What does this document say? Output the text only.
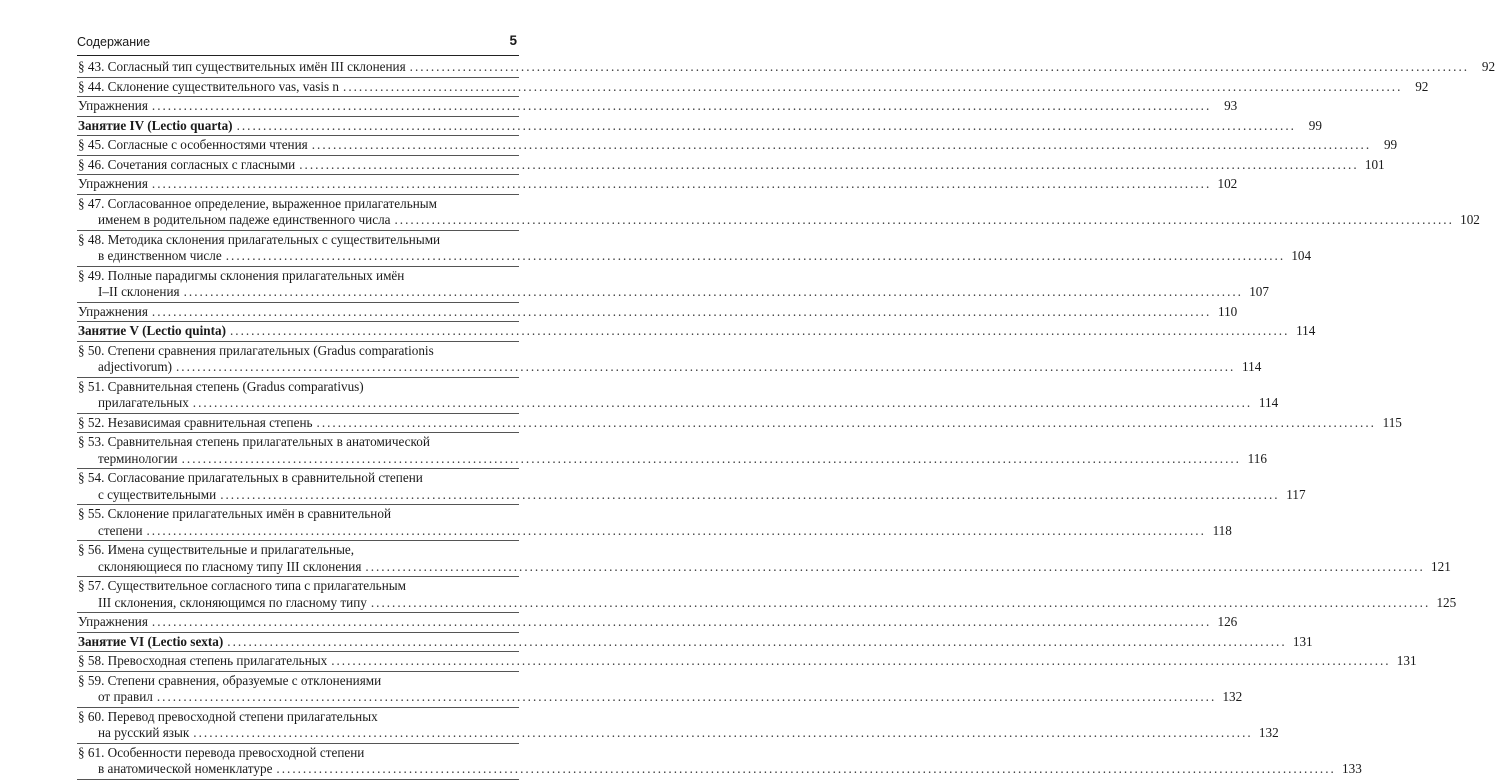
Содержание	5
§ 43. Согласный тип существительных имён III склонения ........................................................................................................................................................................................................ 92
§ 44. Склонение существительного vas, vasis n ........................................................................................................................................................................................................ 92
Упражнения ........................................................................................................................................................................................................ 93
Занятие IV (Lectio quarta) ........................................................................................................................................................................................................ 99
§ 45. Согласные с особенностями чтения ........................................................................................................................................................................................................ 99
§ 46. Сочетания согласных с гласными ........................................................................................................................................................................................................ 101
Упражнения ........................................................................................................................................................................................................ 102
§ 47. Согласованное определение, выраженное прилагательным
именем в родительном падеже единственного числа ........................................................................................................................................................................................................ 102
§ 48. Методика склонения прилагательных с существительными
в единственном числе ........................................................................................................................................................................................................ 104
§ 49. Полные парадигмы склонения прилагательных имён
I–II склонения ........................................................................................................................................................................................................ 107
Упражнения ........................................................................................................................................................................................................ 110
Занятие V (Lectio quinta) ........................................................................................................................................................................................................ 114
§ 50. Степени сравнения прилагательных (Gradus comparationis
adjectivorum) ........................................................................................................................................................................................................ 114
§ 51. Сравнительная степень (Gradus comparativus)
прилагательных ........................................................................................................................................................................................................ 114
§ 52. Независимая сравнительная степень ........................................................................................................................................................................................................ 115
§ 53. Сравнительная степень прилагательных в анатомической
терминологии ........................................................................................................................................................................................................ 116
§ 54. Согласование прилагательных в сравнительной степени
с существительными ........................................................................................................................................................................................................ 117
§ 55. Склонение прилагательных имён в сравнительной
степени ........................................................................................................................................................................................................ 118
§ 56. Имена существительные и прилагательные,
склоняющиеся по гласному типу III склонения ........................................................................................................................................................................................................ 121
§ 57. Существительное согласного типа с прилагательным
III склонения, склоняющимся по гласному типу ........................................................................................................................................................................................................ 125
Упражнения ........................................................................................................................................................................................................ 126
Занятие VI (Lectio sexta) ........................................................................................................................................................................................................ 131
§ 58. Превосходная степень прилагательных ........................................................................................................................................................................................................ 131
§ 59. Степени сравнения, образуемые с отклонениями
от правил ........................................................................................................................................................................................................ 132
§ 60. Перевод превосходной степени прилагательных
на русский язык ........................................................................................................................................................................................................ 132
§ 61. Особенности перевода превосходной степени
в анатомической номенклатуре ........................................................................................................................................................................................................ 133
